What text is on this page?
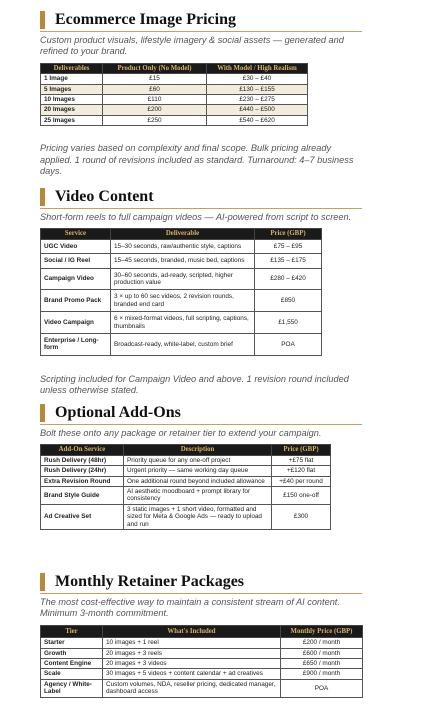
Ecommerce Image Pricing
Custom product visuals, lifestyle imagery & social assets — generated and refined to your brand.
Deliverables	Product Only (No Model)	With Model / High Realism
1 Image	£15	£30 – £40
5 Images	£60	£130 – £155
10 Images	£110	£230 – £275
20 Images	£200	£440 – £500
25 Images	£250	£540 – £620
Pricing varies based on complexity and final scope. Bulk pricing already applied. 1 round of revisions included as standard. Turnaround: 4–7 business days.
Video Content
Short-form reels to full campaign videos — AI-powered from script to screen.
Service	Deliverable	Price (GBP)
UGC Video	15–30 seconds, raw/authentic style, captions	£75 – £95
Social / IG Reel	15–45 seconds, branded, music bed, captions	£135 – £175
Campaign Video	30–60 seconds, ad-ready, scripted, higher production value	£280 – £420
Brand Promo Pack	3 × up to 60 sec videos, 2 revision rounds, branded end card	£850
Video Campaign	6 × mixed-format videos, full scripting, captions, thumbnails	£1,550
Enterprise / Long-form	Broadcast-ready, white-label, custom brief	POA
Scripting included for Campaign Video and above. 1 revision round included unless otherwise stated.
Optional Add-Ons
Bolt these onto any package or retainer tier to extend your campaign.
Add-On Service	Description	Price (GBP)
Rush Delivery (48hr)	Priority queue for any one-off project	+£75 flat
Rush Delivery (24hr)	Urgent priority — same working day queue	+£120 flat
Extra Revision Round	One additional round beyond included allowance	+£40 per round
Brand Style Guide	AI aesthetic moodboard + prompt library for consistency	£150 one-off
Ad Creative Set	3 static images + 1 short video, formatted and sized for Meta & Google Ads — ready to upload and run	£300
Monthly Retainer Packages
The most cost-effective way to maintain a consistent stream of AI content. Minimum 3-month commitment.
Tier	What's Included	Monthly Price (GBP)
Starter	10 images + 1 reel	£200 / month
Growth	20 images + 3 reels	£600 / month
Content Engine	20 images + 3 videos	£650 / month
Scale	30 images + 5 videos + content calendar + ad creatives	£900 / month
Agency / White-Label	Custom volumes, NDA, reseller pricing, dedicated manager, dashboard access	POA
